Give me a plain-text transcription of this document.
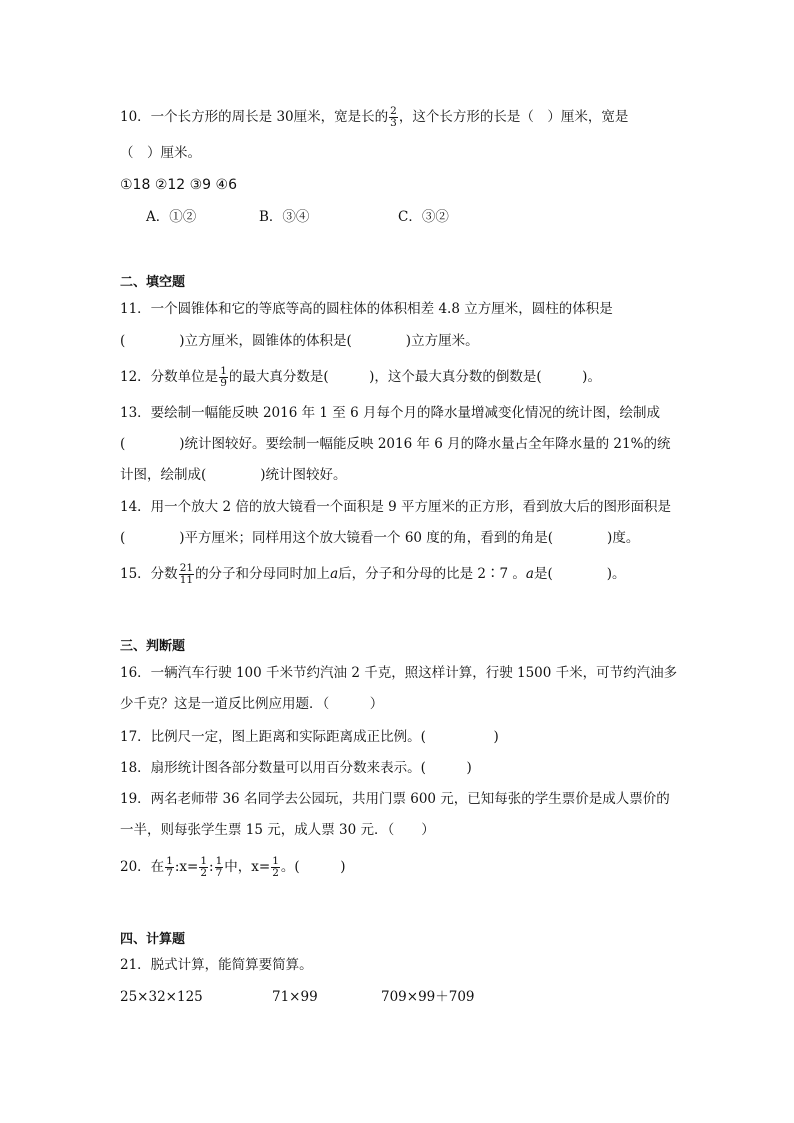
10．一个长方形的周长是 30厘米，宽是长的 $\frac{2}{3}$ ，这个长方形的长是（　）厘米，宽是
（　）厘米。
①18 ②12 ③9 ④6
A．①②	B．③④	C．③②
二、填空题
11．一个圆锥体和它的等底等高的圆柱体的体积相差 4.8 立方厘米，圆柱的体积是
(　　　　)立方厘米，圆锥体的体积是(　　　　)立方厘米。
12．分数单位是 $\frac{1}{9}$ 的最大真分数是(　　　)，这个最大真分数的倒数是(　　　)。
13．要绘制一幅能反映 2016 年 1 至 6 月每个月的降水量增减变化情况的统计图，绘制成
(　　　　)统计图较好。要绘制一幅能反映 2016 年 6 月的降水量占全年降水量的 21%的统
计图，绘制成(　　　　)统计图较好。
14．用一个放大 2 倍的放大镜看一个面积是 9 平方厘米的正方形，看到放大后的图形面积是
(　　　　)平方厘米；同样用这个放大镜看一个 60 度的角，看到的角是(　　　　)度。
15．分数 $\frac{21}{11}$ 的分子和分母同时加上a后，分子和分母的比是 2∶7 。a是(　　　　)。
三、判断题
16．一辆汽车行驶 100 千米节约汽油 2 千克，照这样计算，行驶 1500 千米，可节约汽油多
少千克？这是一道反比例应用题．（　　　）
17．比例尺一定，图上距离和实际距离成正比例。(　　　　　)
18．扇形统计图各部分数量可以用百分数来表示。(　　　)
19．两名老师带 36 名同学去公园玩，共用门票 600 元，已知每张的学生票价是成人票价的
一半，则每张学生票 15 元，成人票 30 元．（　　）
20．在 $\frac{1}{7}$ :x= $\frac{1}{2}$ : $\frac{1}{7}$ 中，$x= \frac{1}{2}$ 。(　　　)
四、计算题
21．脱式计算，能简算要简算。
25×32×125	71×99	709×99＋709
